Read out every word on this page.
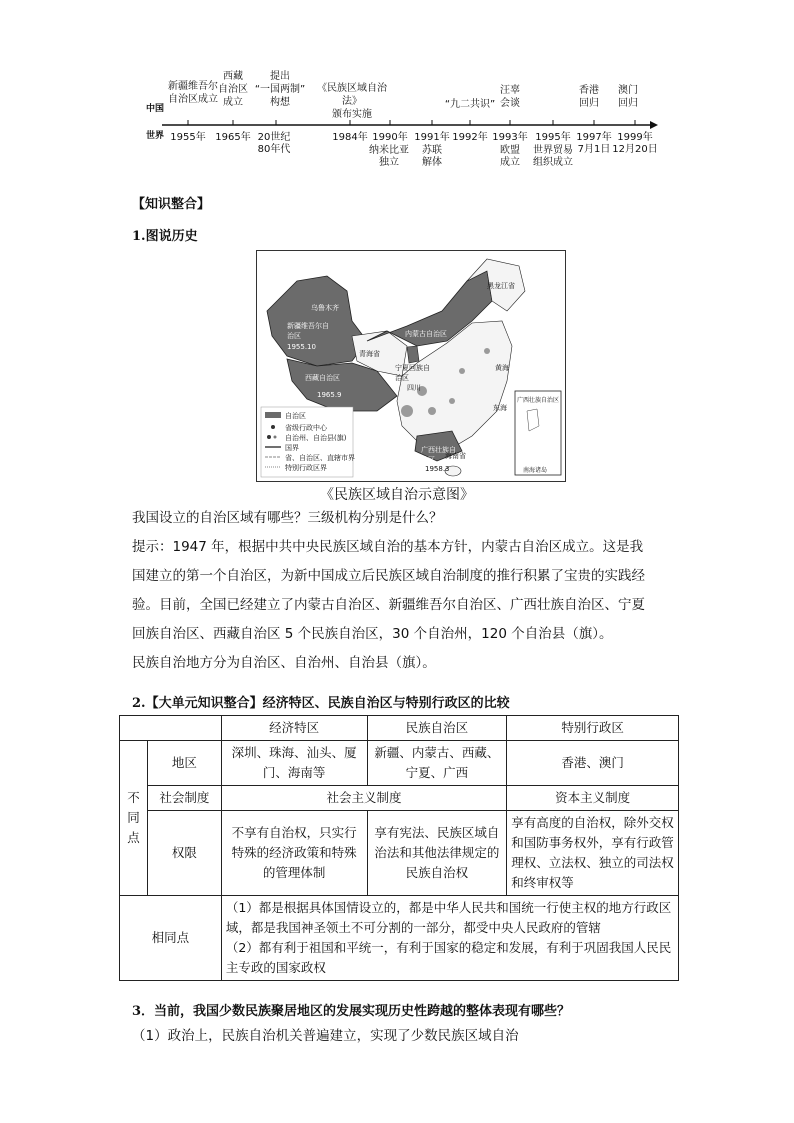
中国
世界
新疆维吾尔
自治区成立
西藏
自治区
成立
提出
“一国两制”
构想
《民族区域自治法》
颁布实施
“九二共识”
汪辜
会谈
香港
回归
澳门
回归
1955年 1965年 20世纪
80年代
1984年 1990年 1991年 1992年 1993年 1995年 1997年
7月1日
1999年
12月20日
纳米比亚
独立
苏联
解体
欧盟
成立
世界贸易
组织成立
【知识整合】
1.图说历史
乌鲁木齐
新疆维吾尔自治区
1955.10
青海省
西藏自治区
1965.9
内蒙古自治区
黑龙江省
宁夏回族自治区
四川
广西壮族自治区
1958.3
海南省
黄海
东海
广西壮族自治区
南海诸岛
自治区
省级行政中心
自治州、自治县(旗)
国界
省、自治区、直辖市界
特别行政区界
《民族区域自治示意图》
我国设立的自治区域有哪些？三级机构分别是什么？

提示：1947 年，根据中共中央民族区域自治的基本方针，内蒙古自治区成立。这是我

国建立的第一个自治区，为新中国成立后民族区域自治制度的推行积累了宝贵的实践经

验。目前，全国已经建立了内蒙古自治区、新疆维吾尔自治区、广西壮族自治区、宁夏

回族自治区、西藏自治区 5 个民族自治区，30 个自治州，120 个自治县（旗）。

民族自治地方分为自治区、自治州、自治县（旗）。

2.【大单元知识整合】经济特区、民族自治区与特别行政区的比较
		经济特区	民族自治区	特别行政区
不
同
点	地区	深圳、珠海、汕头、厦门、海南等	新疆、内蒙古、西藏、宁夏、广西	香港、澳门
	社会制度	社会主义制度		资本主义制度
	权限	不享有自治权，只实行特殊的经济政策和特殊的管理体制	享有宪法、民族区域自治法和其他法律规定的民族自治权	享有高度的自治权，除外交权和国防事务权外，享有行政管理权、立法权、独立的司法权和终审权等
相同点		（1）都是根据具体国情设立的，都是中华人民共和国统一行使主权的地方行政区域，都是我国神圣领土不可分割的一部分，都受中央人民政府的管辖
（2）都有利于祖国和平统一，有利于国家的稳定和发展，有利于巩固我国人民民主专政的国家政权		
3．当前，我国少数民族聚居地区的发展实现历史性跨越的整体表现有哪些？
（1）政治上，民族自治机关普遍建立，实现了少数民族区域自治
